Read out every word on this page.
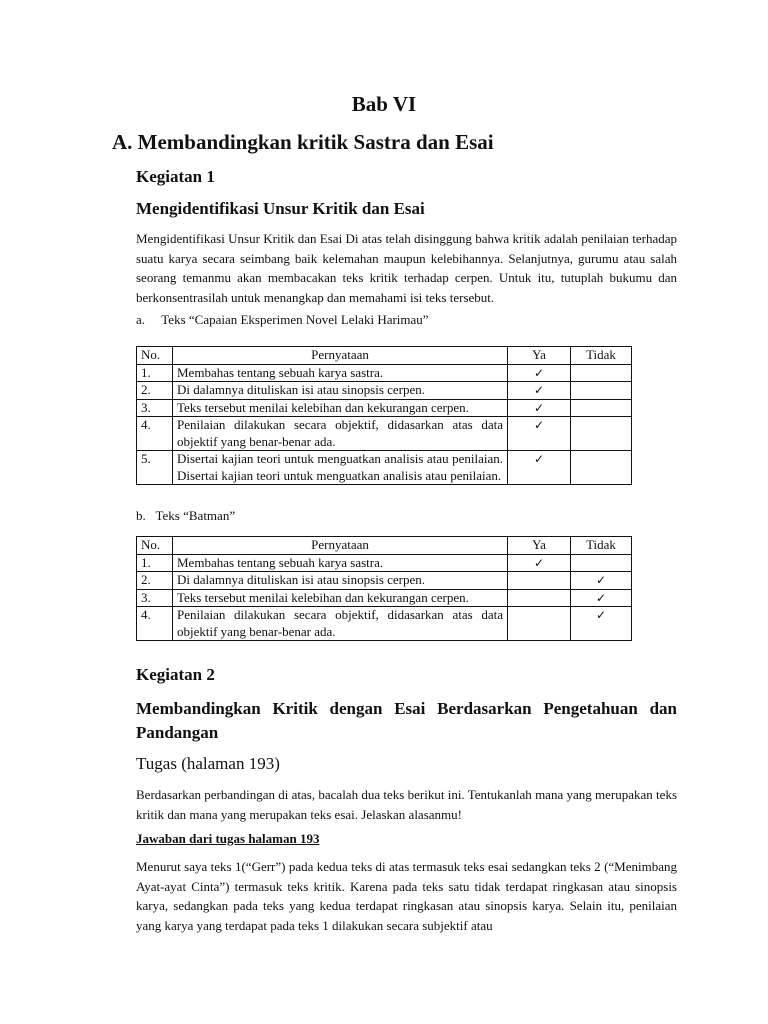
Bab VI
A. Membandingkan kritik Sastra dan Esai
Kegiatan 1
Mengidentifikasi Unsur Kritik dan Esai

Mengidentifikasi Unsur Kritik dan Esai Di atas telah disinggung bahwa kritik adalah penilaian terhadap suatu karya secara seimbang baik kelemahan maupun kelebihannya. Selanjutnya, gurumu atau salah seorang temanmu akan membacakan teks kritik terhadap cerpen. Untuk itu, tutuplah bukumu dan berkonsentrasilah untuk menangkap dan memahami isi teks tersebut.

a.     Teks “Capaian Eksperimen Novel Lelaki Harimau”
No.	Pernyataan	Ya	Tidak
1.	Membahas tentang sebuah karya sastra.	✓	
2.	Di dalamnya dituliskan isi atau sinopsis cerpen.	✓	
3.	Teks tersebut menilai kelebihan dan kekurangan cerpen.	✓	
4.	Penilaian dilakukan secara objektif, didasarkan atas data objektif yang benar-benar ada.	✓	
5.	Disertai kajian teori untuk menguatkan analisis atau penilaian. Disertai kajian teori untuk menguatkan analisis atau penilaian.	✓	
b.   Teks “Batman”
No.	Pernyataan	Ya	Tidak
1.	Membahas tentang sebuah karya sastra.	✓	
2.	Di dalamnya dituliskan isi atau sinopsis cerpen.		✓
3.	Teks tersebut menilai kelebihan dan kekurangan cerpen.		✓
4.	Penilaian dilakukan secara objektif, didasarkan atas data objektif yang benar-benar ada.		✓
Kegiatan 2
Membandingkan Kritik dengan Esai Berdasarkan Pengetahuan dan Pandangan
Tugas (halaman 193)

Berdasarkan perbandingan di atas, bacalah dua teks berikut ini. Tentukanlah mana yang merupakan teks kritik dan mana yang merupakan teks esai. Jelaskan alasanmu!

Jawaban dari tugas halaman 193

Menurut saya teks 1(“Gerr”) pada kedua teks di atas termasuk teks esai sedangkan teks 2 (“Menimbang Ayat-ayat Cinta”) termasuk teks kritik. Karena pada teks satu tidak terdapat ringkasan atau sinopsis karya, sedangkan pada teks yang kedua terdapat ringkasan atau sinopsis karya. Selain itu, penilaian yang karya yang terdapat pada teks 1 dilakukan secara subjektif atau
